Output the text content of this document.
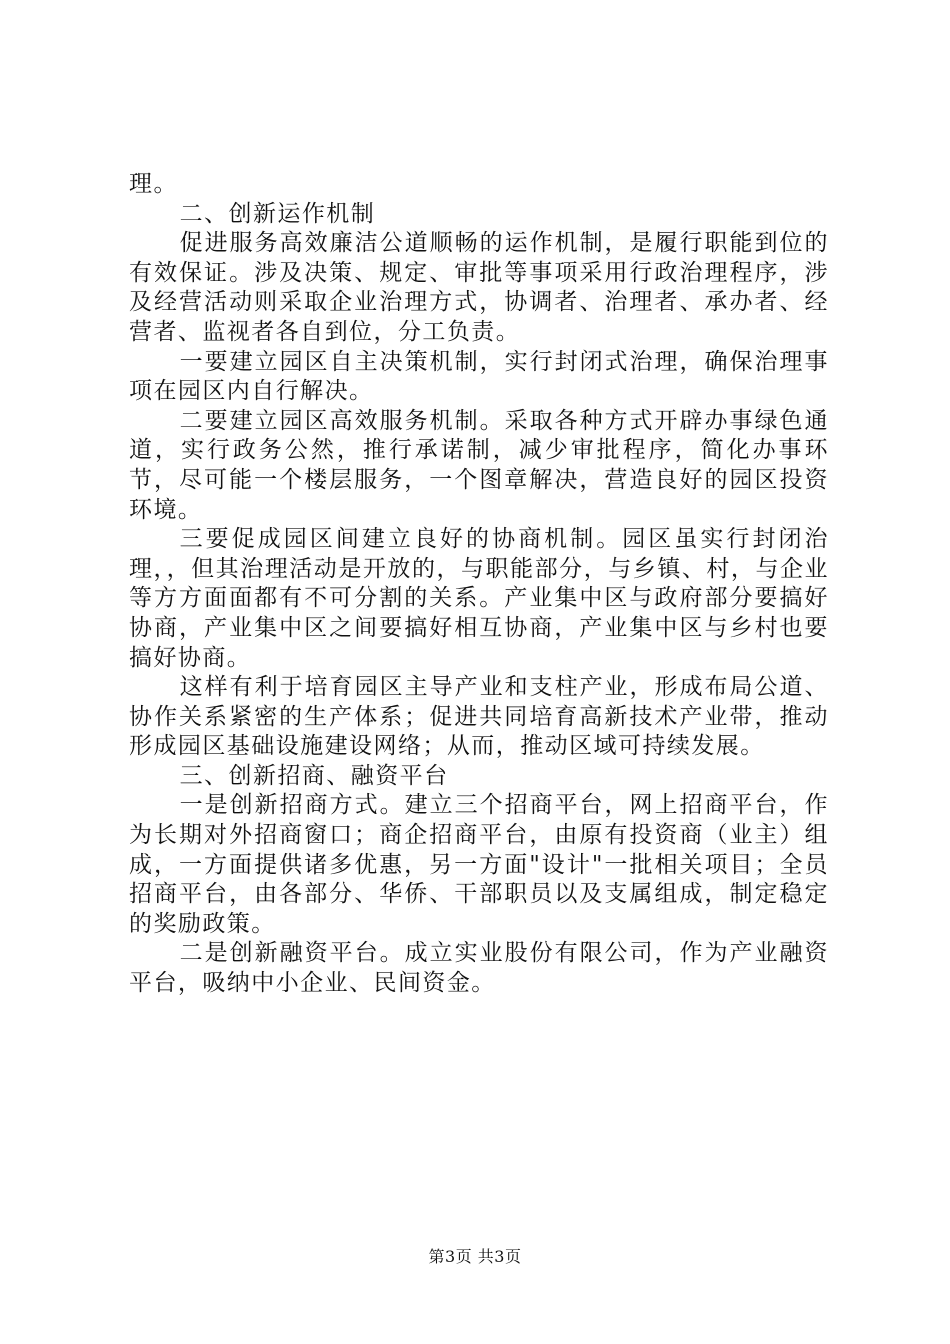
理。

二、创新运作机制

促进服务高效廉洁公道顺畅的运作机制，是履行职能到位的有效保证。涉及决策、规定、审批等事项采用行政治理程序，涉及经营活动则采取企业治理方式，协调者、治理者、承办者、经营者、监视者各自到位，分工负责。

一要建立园区自主决策机制，实行封闭式治理，确保治理事项在园区内自行解决。

二要建立园区高效服务机制。采取各种方式开辟办事绿色通道，实行政务公然，推行承诺制，减少审批程序，简化办事环节，尽可能一个楼层服务，一个图章解决，营造良好的园区投资环境。

三要促成园区间建立良好的协商机制。园区虽实行封闭治理，，但其治理活动是开放的，与职能部分，与乡镇、村，与企业等方方面面都有不可分割的关系。产业集中区与政府部分要搞好协商，产业集中区之间要搞好相互协商，产业集中区与乡村也要搞好协商。

这样有利于培育园区主导产业和支柱产业，形成布局公道、协作关系紧密的生产体系；促进共同培育高新技术产业带，推动形成园区基础设施建设网络；从而，推动区域可持续发展。

三、创新招商、融资平台

一是创新招商方式。建立三个招商平台，网上招商平台，作为长期对外招商窗口；商企招商平台，由原有投资商（业主）组成，一方面提供诸多优惠，另一方面"设计"一批相关项目；全员招商平台，由各部分、华侨、干部职员以及支属组成，制定稳定的奖励政策。

二是创新融资平台。成立实业股份有限公司，作为产业融资平台，吸纳中小企业、民间资金。

第3页 共3页
